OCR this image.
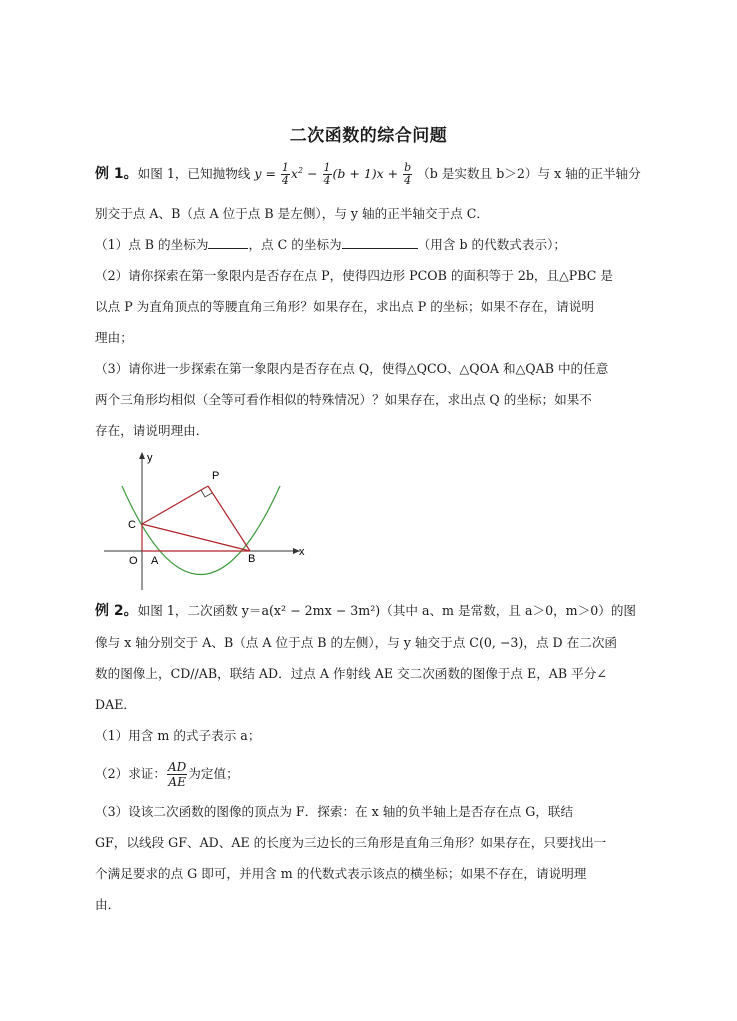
二次函数的综合问题
例 1。如图 1，已知抛物线 $y = \frac{1}{4} x^2 - \frac{1}{4} (b + 1)x + \frac{b}{4} (b$ 是实数且 b＞2）与 x 轴的正半轴分
别交于点 A、B（点 A 位于点 B 是左侧），与 y 轴的正半轴交于点 C．
（1）点 B 的坐标为	，点 C 的坐标为	（用含 b 的代数式表示）；
（2）请你探索在第一象限内是否存在点 P，使得四边形 PCOB 的面积等于 2b，且△PBC 是
以点 P 为直角顶点的等腰直角三角形？如果存在，求出点 P 的坐标；如果不存在，请说明
理由；
（3）请你进一步探索在第一象限内是否存在点 Q，使得△QCO、△QOA 和△QAB 中的任意
两个三角形均相似（全等可看作相似的特殊情况）？如果存在，求出点 Q 的坐标；如果不
存在，请说明理由．
y
x
P
C
O A	B
例 2。如图 1，二次函数 y＝a(x² − 2mx − 3m²)（其中 a、m 是常数，且 a＞0，m＞0）的图
像与 x 轴分别交于 A、B（点 A 位于点 B 的左侧），与 y 轴交于点 C(0, −3)，点 D 在二次函
数的图像上，CD//AB，联结 AD．过点 A 作射线 AE 交二次函数的图像于点 E，AB 平分∠
DAE．
（1）用含 m 的式子表示 a；
（2）求证： $\frac{AD}{AE}$ 为定值；
（3）设该二次函数的图像的顶点为 F．探索：在 x 轴的负半轴上是否存在点 G，联结
GF，以线段 GF、AD、AE 的长度为三边长的三角形是直角三角形？如果存在，只要找出一
个满足要求的点 G 即可，并用含 m 的代数式表示该点的横坐标；如果不存在，请说明理
由．
